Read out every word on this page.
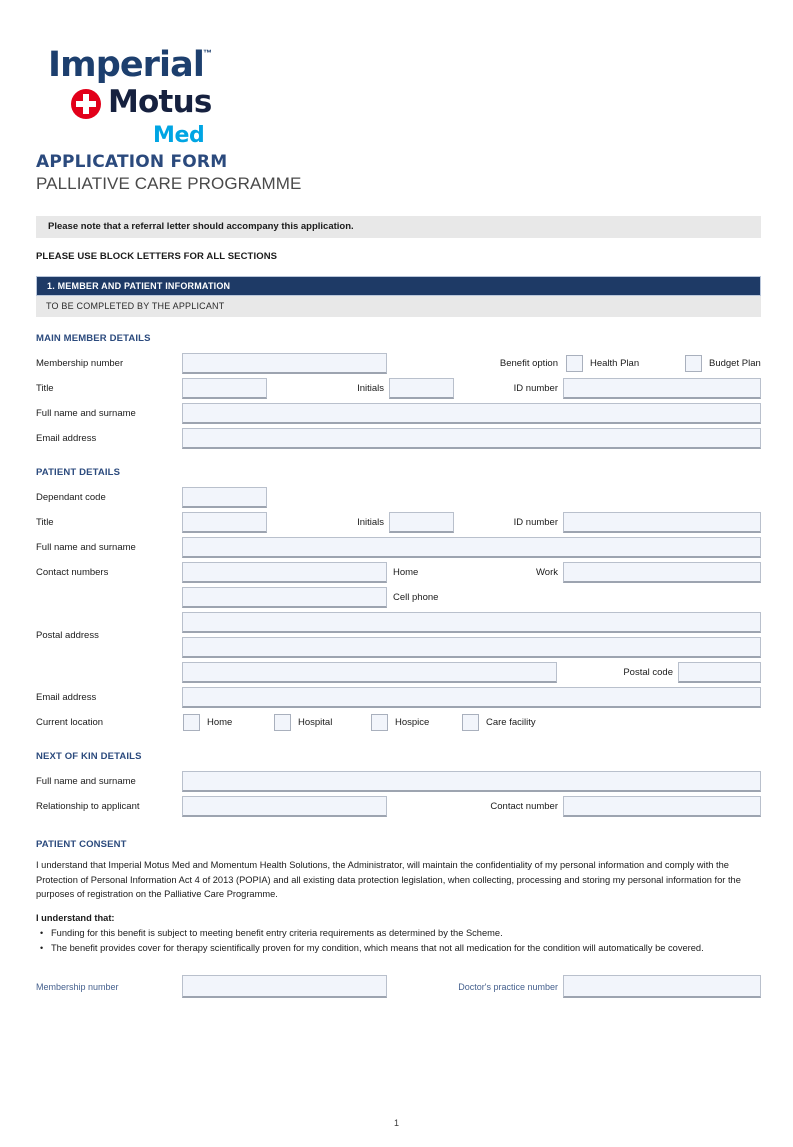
Imperial ™
Motus
Med
APPLICATION FORM
PALLIATIVE CARE PROGRAMME
Please note that a referral letter should accompany this application.
PLEASE USE BLOCK LETTERS FOR ALL SECTIONS
1. MEMBER AND PATIENT INFORMATION
TO BE COMPLETED BY THE APPLICANT
MAIN MEMBER DETAILS
Membership number	Benefit option	Health Plan	Budget Plan
Title	Initials	ID number
Full name and surname
Email address
PATIENT DETAILS
Dependant code
Title	Initials	ID number
Full name and surname
Contact numbers	Home	Work
Cell phone
Postal address
Postal code
Email address
Current location	Home	Hospital	Hospice	Care facility
NEXT OF KIN DETAILS
Full name and surname
Relationship to applicant	Contact number
PATIENT CONSENT

I understand that Imperial Motus Med and Momentum Health Solutions, the Administrator, will maintain the confidentiality of my personal information and comply with the Protection of Personal Information Act 4 of 2013 (POPIA) and all existing data protection legislation, when collecting, processing and storing my personal information for the purposes of registration on the Palliative Care Programme.

I understand that:
• Funding for this benefit is subject to meeting benefit entry criteria requirements as determined by the Scheme.
• The benefit provides cover for therapy scientifically proven for my condition, which means that not all medication for the condition will automatically be covered.
Membership number	Doctor's practice number
1
